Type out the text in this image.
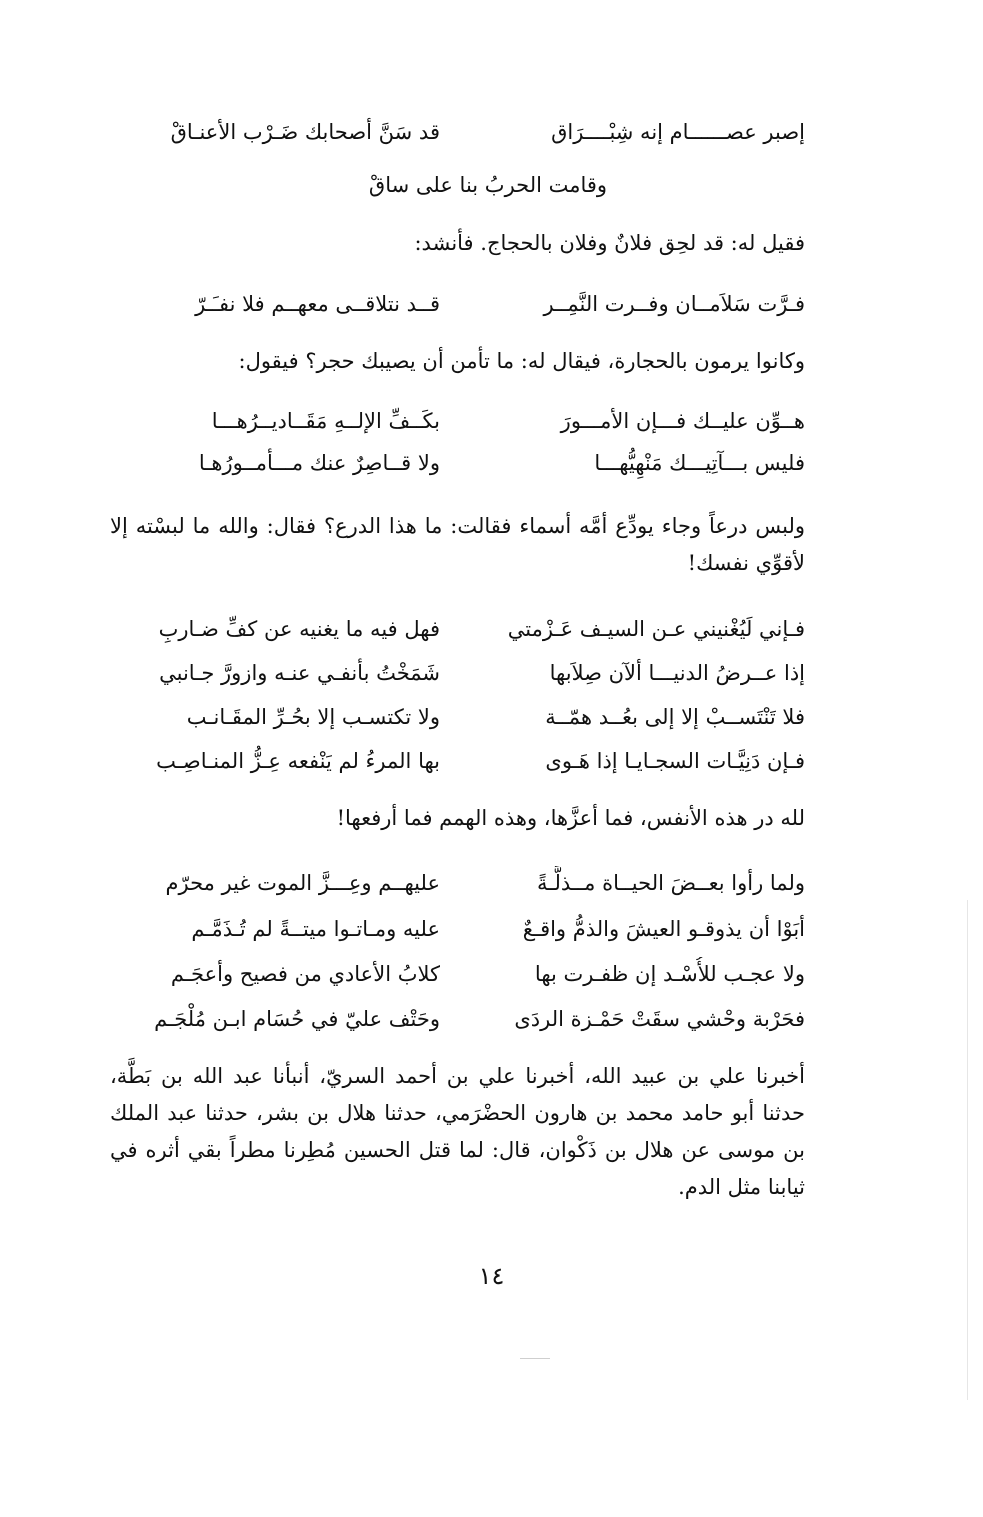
إصبر عصــــــام إنه شِبْــــرَاق
قد سَنَّ أصحابك ضَـرْب الأعنـاقْ
وقامت الحربُ بنا على ساقْ
فقيل له: قد لحِق فلانٌ وفلان بالحجاج. فأنشد:
فـرَّت سَلاَمــان وفــرت النَّمِــر
قــد نتلاقــى معهــم فلا نفـَـرّ
وكانوا يرمون بالحجارة، فيقال له: ما تأمن أن يصيبك حجر؟ فيقول:
هــوِّن عليــك فـــإن الأمـــورَ
بكَــفِّ الإلــهِ مَقَــاديــرُهـــا
فليس بـــآتِيـــك مَنْهِيُّهـــا
ولا قــاصِرٌ عنك مـــأمــورُهـا
ولبس درعاً وجاء يودِّع أمَّه أسماء فقالت: ما هذا الدرع؟ فقال: والله ما لبسْته إلا لأقوِّي نفسك!
فـإني لَيُغْنيني عـن السيـف عَـزْمتي
فهل فيه ما يغنيه عن كفِّ ضـاربِ
إذا عــرضُ الدنيـــا ألآن صِلاَبها
شَمَخْتُ بأنفـي عنـه وازورَّ جـانبي
فلا تَنْتَســبْ إلا إلى بعُــد همّــة
ولا تكتسـب إلا بحُـرِّ المقَـانـب
فـإن دَنِيَّـات السجـايـا إذا هَـوى
بها المرءُ لم يَنْفعه عِـزُّ المنـاصِـب
لله در هذه الأنفس، فما أعزَّها، وهذه الهمم فما أرفعها!
ولما رأوا بعــضَ الحيــاة مــذلَّـةً
عليهــم وعِـــزَّ الموت غير محرّم
أبَوْا أن يذوقـو العيشَ والذمُّ واقـعٌ
عليه ومـاتـوا ميتــةً لم تُـذَمَّـم
ولا عجـب للأُسْـد إن ظفـرت بها
كلابُ الأعادي من فصيح وأعجَـم
فحَرْبة وحْشي سقَتْ حَمْـزة الردَى
وحَتْف عليّ في حُسَام ابـن مُلْجَـم
أخبرنا علي بن عبيد الله، أخبرنا علي بن أحمد السريّ، أنبأنا عبد الله بن بَطَّة، حدثنا أبو حامد محمد بن هارون الحضْرَمي، حدثنا هلال بن بشر، حدثنا عبد الملك بن موسى عن هلال بن ذَكْوان، قال: لما قتل الحسين مُطِرنا مطراً بقي أثره في ثيابنا مثل الدم.
١٤
